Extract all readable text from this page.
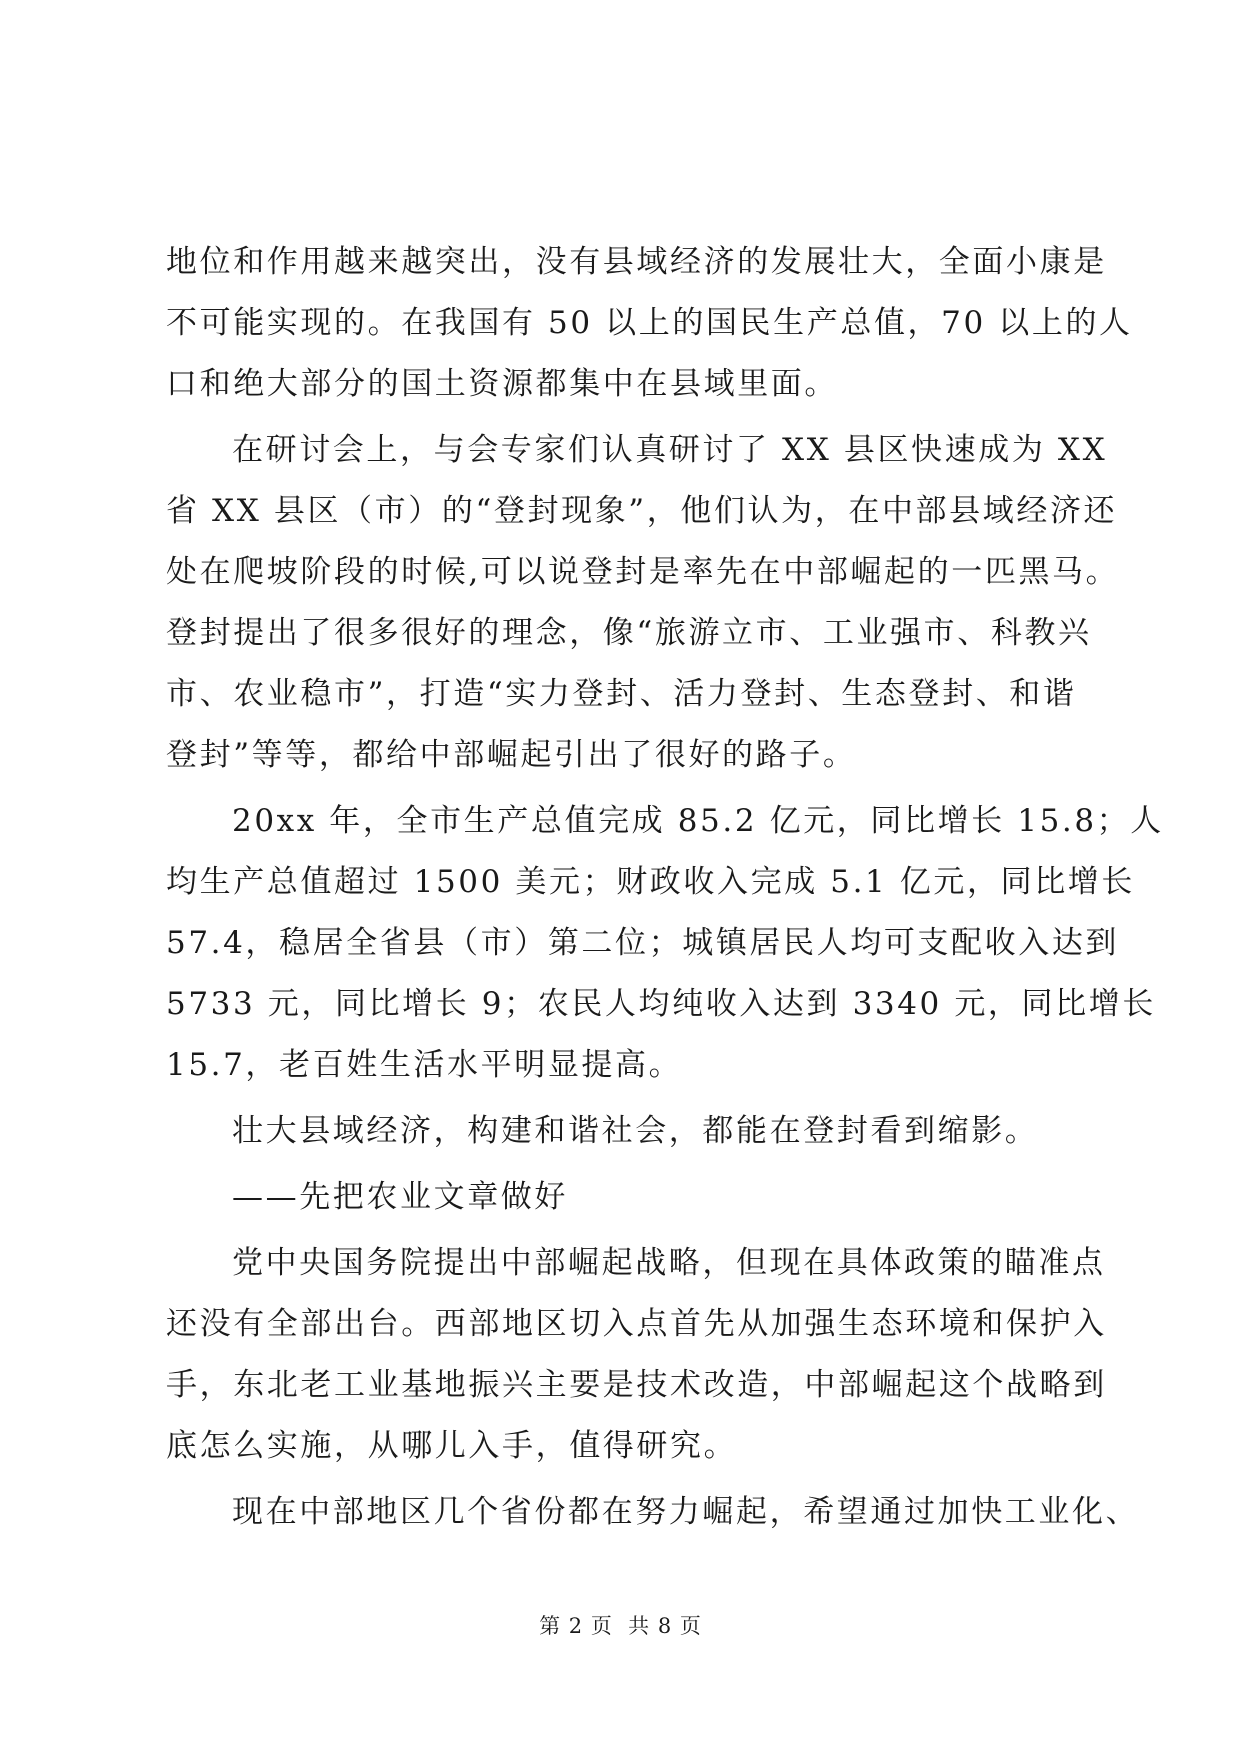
地位和作用越来越突出，没有县域经济的发展壮大，全面小康是
不可能实现的。在我国有 50 以上的国民生产总值，70 以上的人
口和绝大部分的国土资源都集中在县域里面。
在研讨会上，与会专家们认真研讨了 XX 县区快速成为 XX
省 XX 县区（市）的“登封现象”，他们认为，在中部县域经济还
处在爬坡阶段的时候,可以说登封是率先在中部崛起的一匹黑马。
登封提出了很多很好的理念，像“旅游立市、工业强市、科教兴
市、农业稳市”，打造“实力登封、活力登封、生态登封、和谐
登封”等等，都给中部崛起引出了很好的路子。
20xx 年，全市生产总值完成 85.2 亿元，同比增长 15.8；人
均生产总值超过 1500 美元；财政收入完成 5.1 亿元，同比增长
57.4，稳居全省县（市）第二位；城镇居民人均可支配收入达到
5733 元，同比增长 9；农民人均纯收入达到 3340 元，同比增长
15.7，老百姓生活水平明显提高。
壮大县域经济，构建和谐社会，都能在登封看到缩影。
——先把农业文章做好
党中央国务院提出中部崛起战略，但现在具体政策的瞄准点
还没有全部出台。西部地区切入点首先从加强生态环境和保护入
手，东北老工业基地振兴主要是技术改造，中部崛起这个战略到
底怎么实施，从哪儿入手，值得研究。
现在中部地区几个省份都在努力崛起，希望通过加快工业化、
第 2 页  共 8 页
